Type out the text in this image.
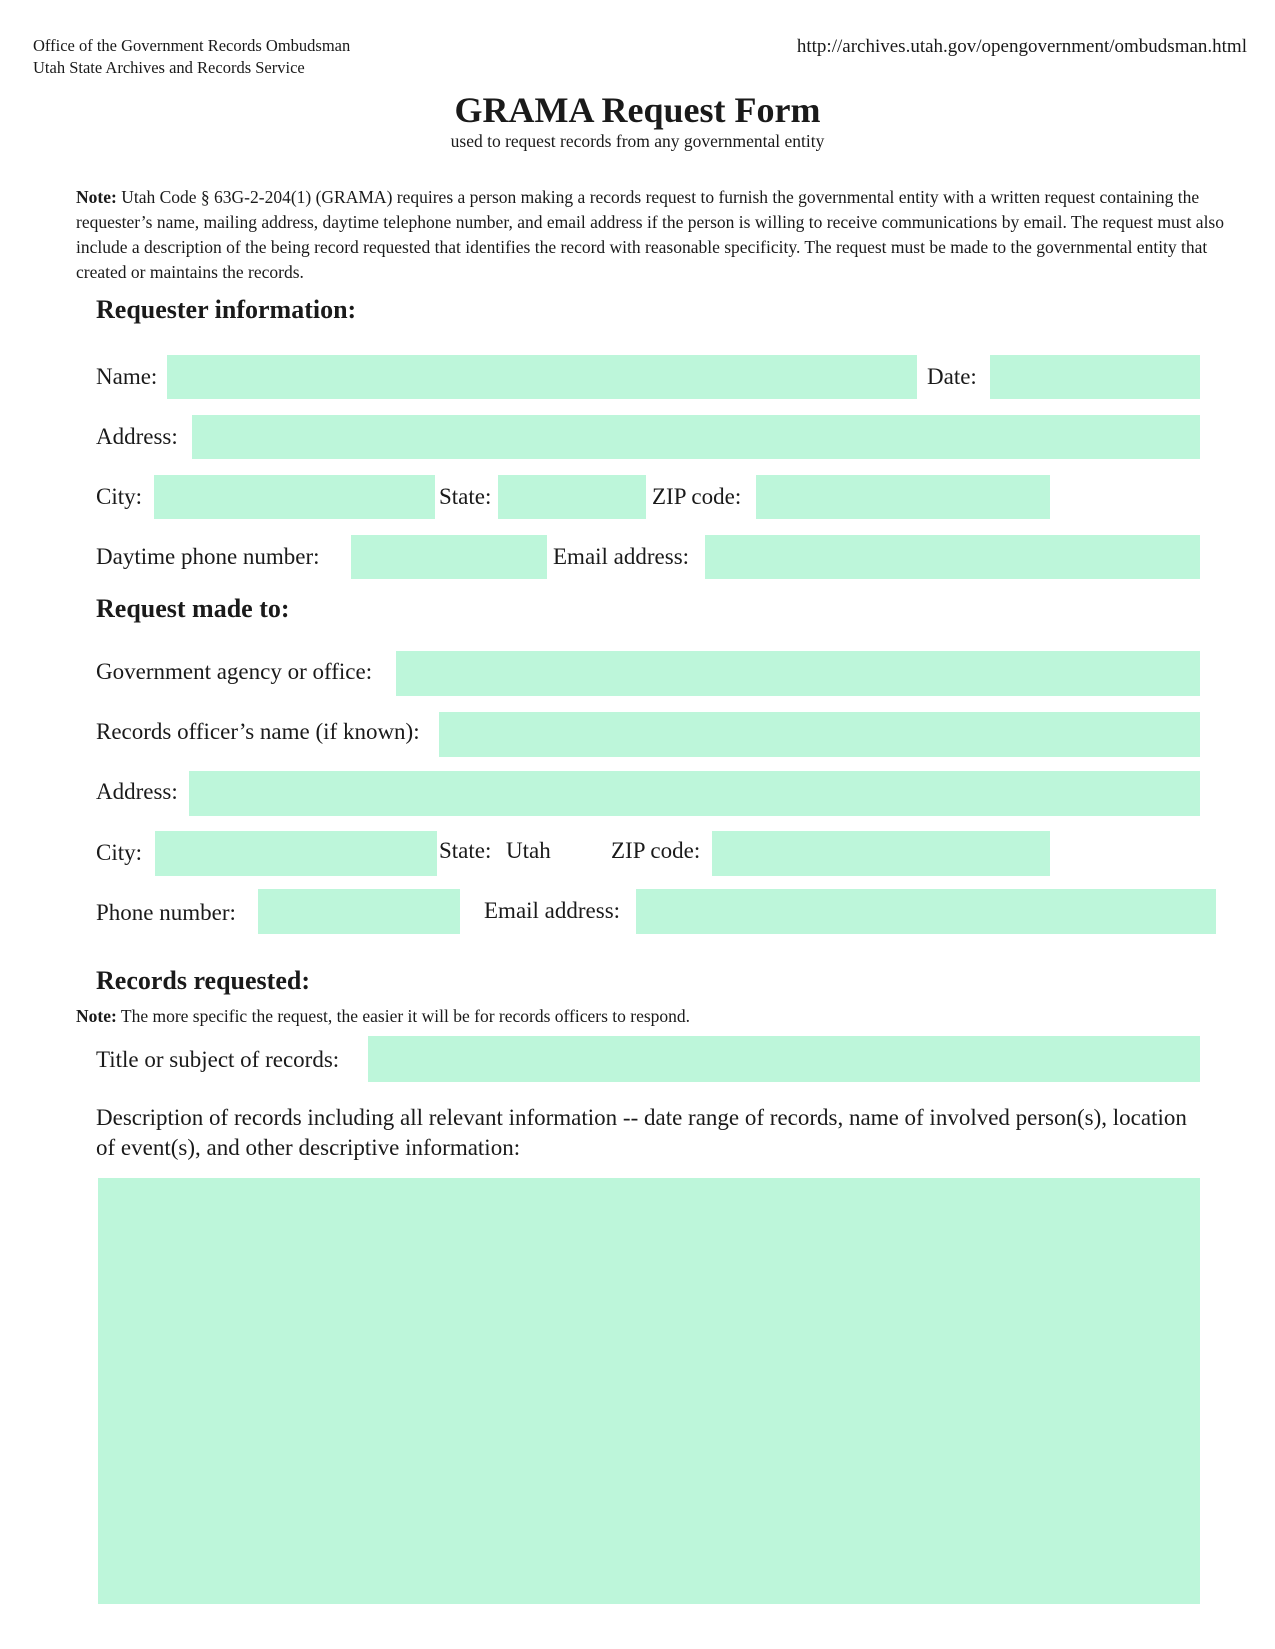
Office of the Government Records Ombudsman
Utah State Archives and Records Service
http://archives.utah.gov/opengovernment/ombudsman.html
GRAMA Request Form
used to request records from any governmental entity
Note: Utah Code § 63G-2-204(1) (GRAMA) requires a person making a records request to furnish the governmental entity with a written request containing the requester’s name, mailing address, daytime telephone number, and email address if the person is willing to receive communications by email. The request must also include a description of the being record requested that identifies the record with reasonable specificity. The request must be made to the governmental entity that created or maintains the records.
Requester information:
Name:	Date:
Address:
City:	State:	ZIP code:
Daytime phone number:	Email address:
Request made to:
Government agency or office:
Records officer’s name (if known):
Address:
City:	State: Utah	ZIP code:
Phone number:	Email address:
Records requested:
Note: The more specific the request, the easier it will be for records officers to respond.
Title or subject of records:
Description of records including all relevant information -- date range of records, name of involved person(s), location of event(s), and other descriptive information:
